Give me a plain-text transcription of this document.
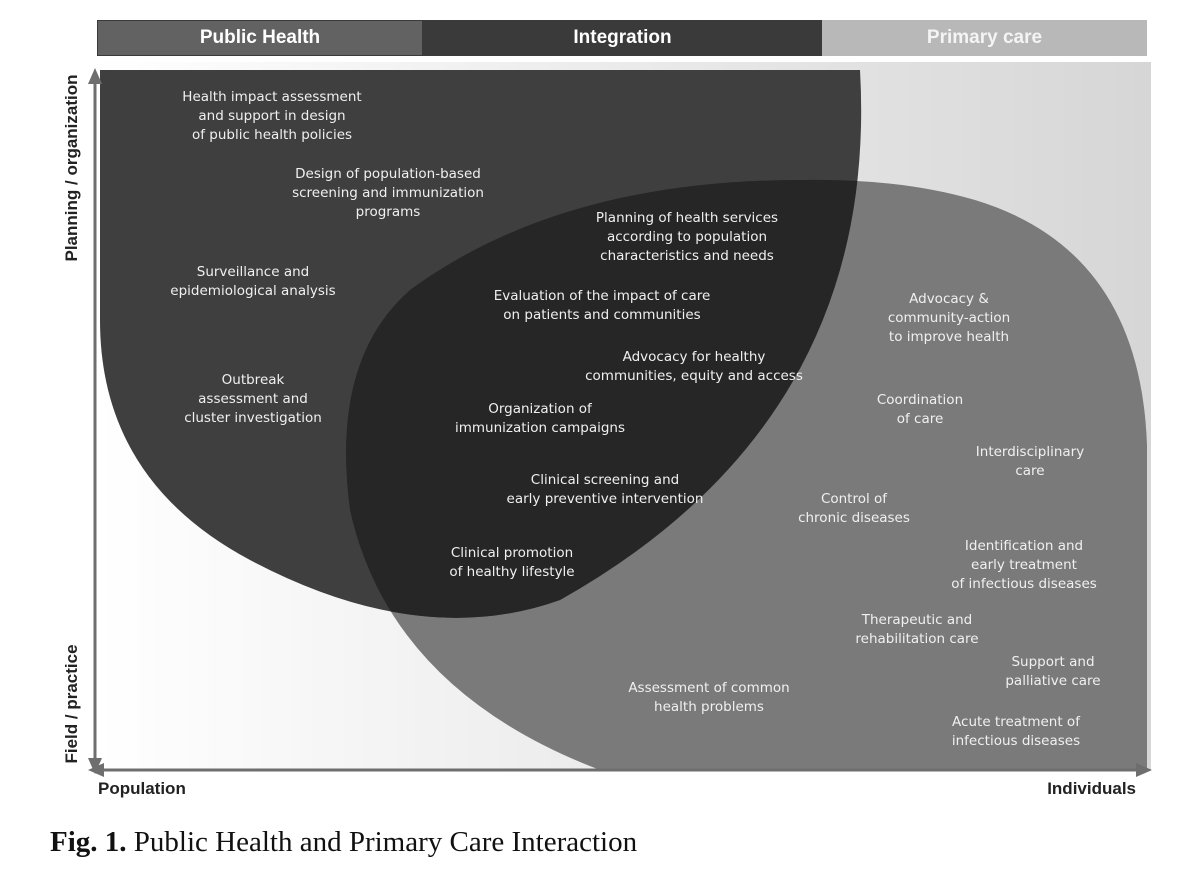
Public Health	Integration	Primary care
Planning / organization
Field / practice
Population	Individuals
Health impact assessment and support in design of public health policies
Design of population-based screening and immunization programs
Surveillance and epidemiological analysis
Outbreak assessment and cluster investigation
Planning of health services according to population characteristics and needs
Evaluation of the impact of care on patients and communities
Advocacy for healthy communities, equity and access
Organization of immunization campaigns
Clinical screening and early preventive intervention
Clinical promotion of healthy lifestyle
Advocacy & community-action to improve health
Coordination of care
Interdisciplinary care
Control of chronic diseases
Identification and early treatment of infectious diseases
Therapeutic and rehabilitation care
Support and palliative care
Assessment of common health problems
Acute treatment of infectious diseases
Fig. 1. Public Health and Primary Care Interaction
